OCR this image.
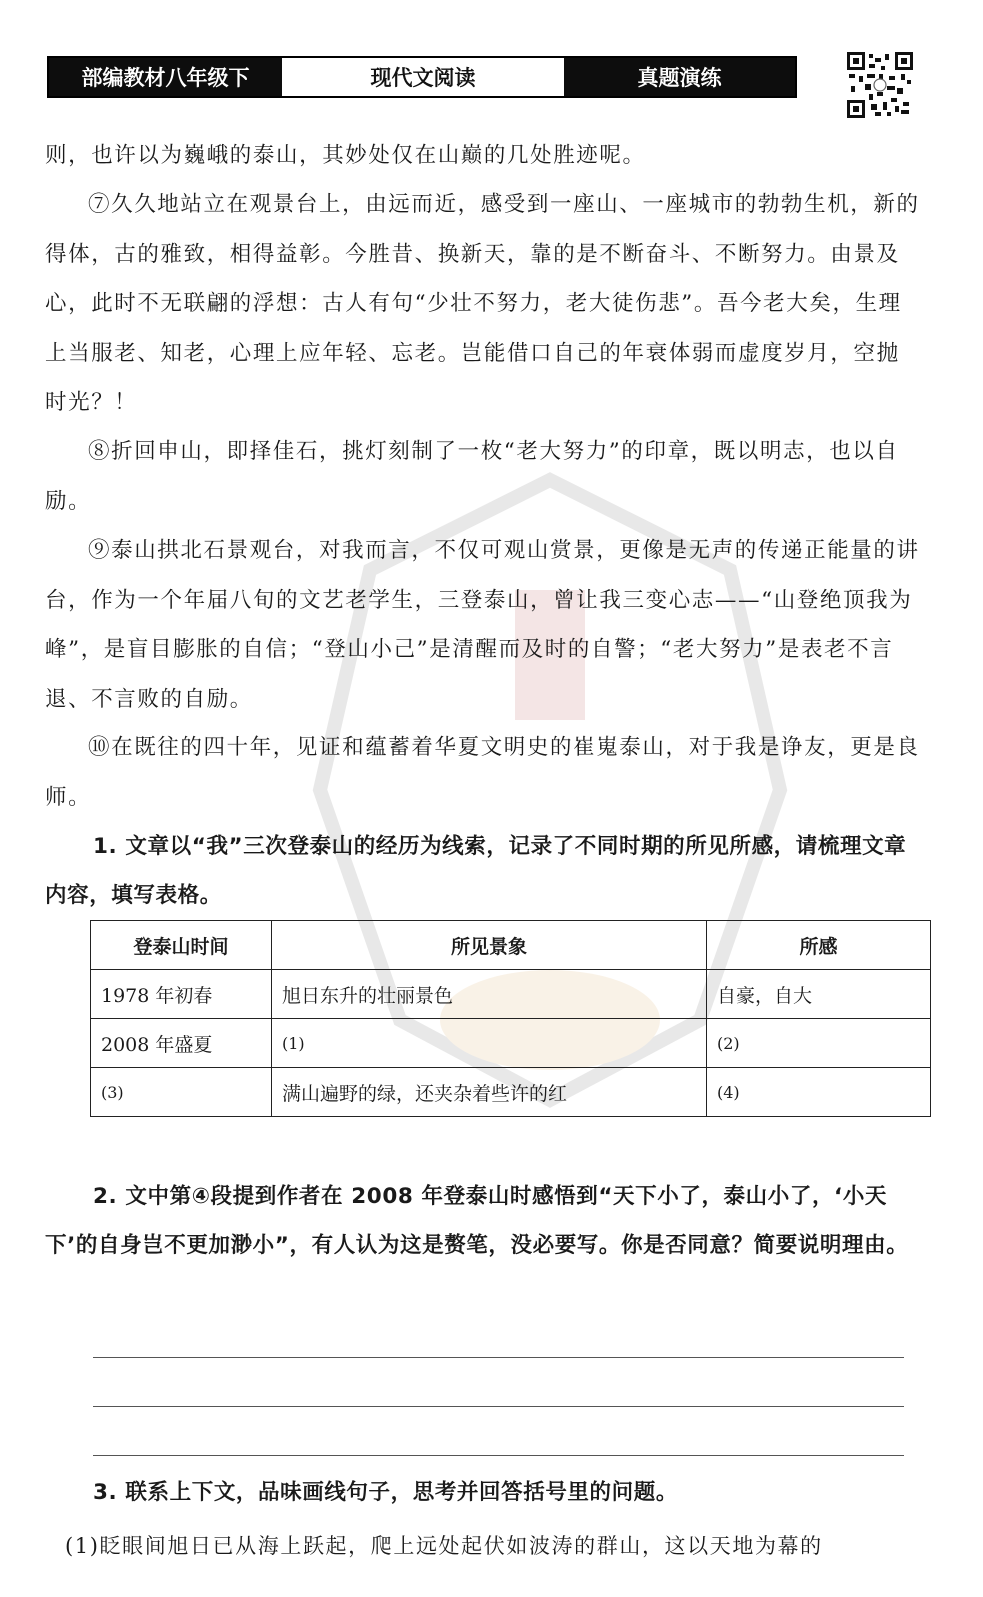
部编教材八年级下	现代文阅读	真题演练

则，也许以为巍峨的泰山，其妙处仅在山巅的几处胜迹呢。

⑦久久地站立在观景台上，由远而近，感受到一座山、一座城市的勃勃生机，新的得体，古的雅致，相得益彰。今胜昔、换新天，靠的是不断奋斗、不断努力。由景及心，此时不无联翩的浮想：古人有句“少壮不努力，老大徒伤悲”。吾今老大矣，生理上当服老、知老，心理上应年轻、忘老。岂能借口自己的年衰体弱而虚度岁月，空抛时光？！

⑧折回申山，即择佳石，挑灯刻制了一枚“老大努力”的印章，既以明志，也以自励。

⑨泰山拱北石景观台，对我而言，不仅可观山赏景，更像是无声的传递正能量的讲台，作为一个年届八旬的文艺老学生，三登泰山，曾让我三变心志——“山登绝顶我为峰”，是盲目膨胀的自信；“登山小己”是清醒而及时的自警；“老大努力”是表老不言退、不言败的自励。

⑩在既往的四十年，见证和蕴蓄着华夏文明史的崔嵬泰山，对于我是诤友，更是良师。

1. 文章以“我”三次登泰山的经历为线索，记录了不同时期的所见所感，请梳理文章内容，填写表格。

登泰山时间	所见景象	所感
1978 年初春	旭日东升的壮丽景色	自豪，自大
2008 年盛夏	(1)	(2)
(3)	满山遍野的绿，还夹杂着些许的红	(4)

2. 文中第④段提到作者在 2008 年登泰山时感悟到“天下小了，泰山小了，‘小天下’的自身岂不更加渺小”，有人认为这是赘笔，没必要写。你是否同意？简要说明理由。

3. 联系上下文，品味画线句子，思考并回答括号里的问题。

(1)眨眼间旭日已从海上跃起，爬上远处起伏如波涛的群山，这以天地为幕的
